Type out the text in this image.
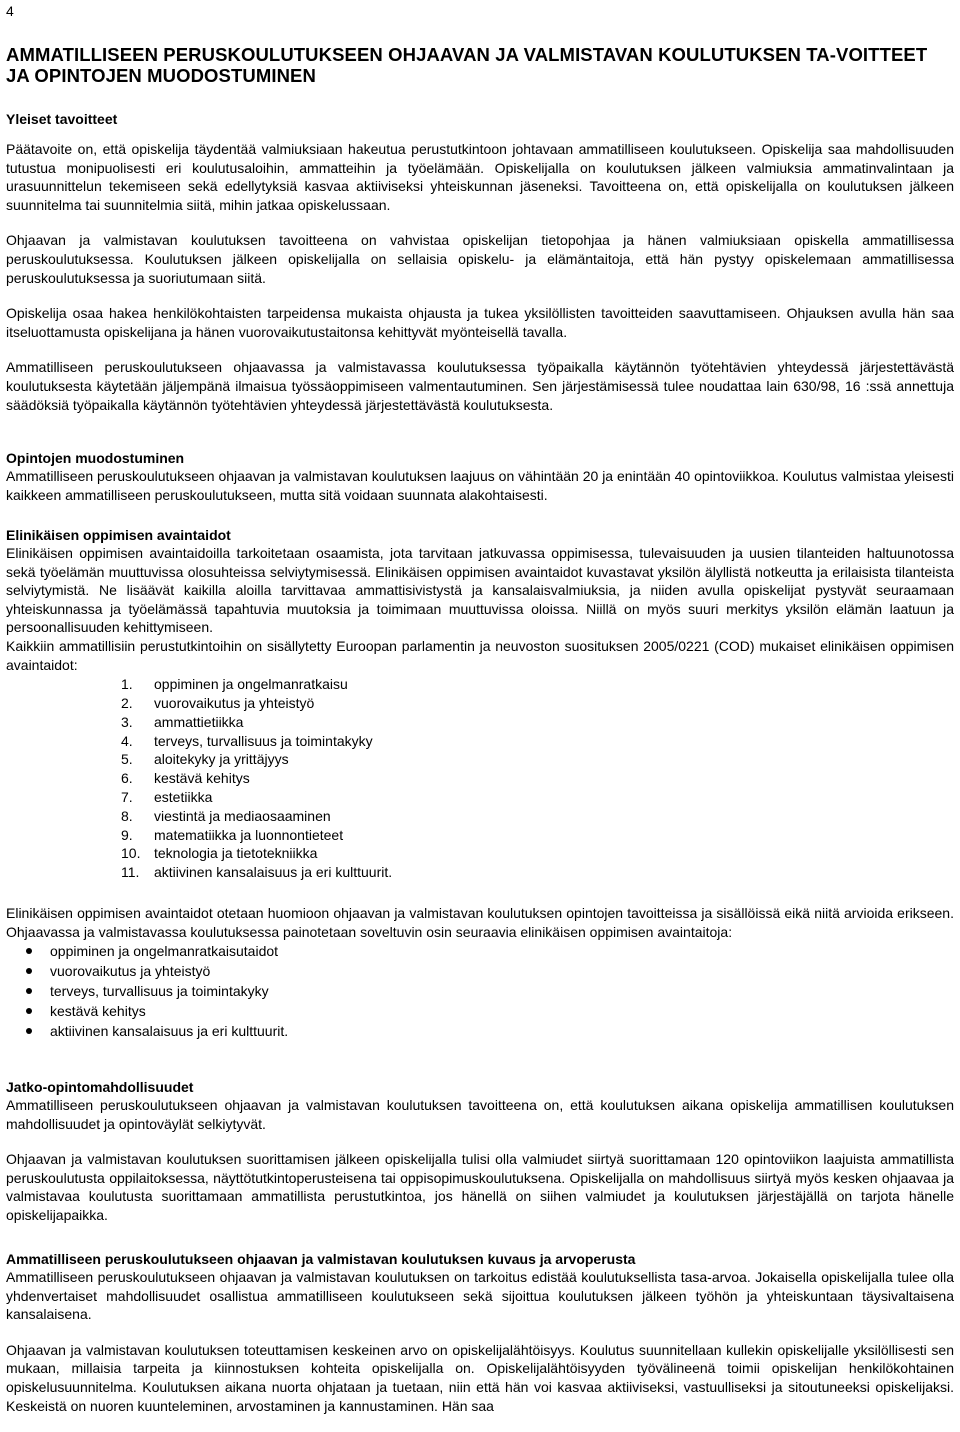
4
AMMATILLISEEN PERUSKOULUTUKSEEN OHJAAVAN JA VALMISTAVAN KOULUTUKSEN TA-VOITTEET JA OPINTOJEN MUODOSTUMINEN
Yleiset tavoitteet

Päätavoite on, että opiskelija täydentää valmiuksiaan hakeutua perustutkintoon johtavaan ammatilliseen koulutukseen. Opiskelija saa mahdollisuuden tutustua monipuolisesti eri koulutusaloihin, ammatteihin ja työelämään. Opiskelijalla on koulutuksen jälkeen valmiuksia ammatinvalintaan ja urasuunnittelun tekemiseen sekä edellytyksiä kasvaa aktiiviseksi yhteiskunnan jäseneksi. Tavoitteena on, että opiskelijalla on koulutuksen jälkeen suunnitelma tai suunnitelmia siitä, mihin jatkaa opiskelussaan.

Ohjaavan ja valmistavan koulutuksen tavoitteena on vahvistaa opiskelijan tietopohjaa ja hänen valmiuksiaan opiskella ammatillisessa peruskoulutuksessa. Koulutuksen jälkeen opiskelijalla on sellaisia opiskelu- ja elämäntaitoja, että hän pystyy opiskelemaan ammatillisessa peruskoulutuksessa ja suoriutumaan siitä.

Opiskelija osaa hakea henkilökohtaisten tarpeidensa mukaista ohjausta ja tukea yksilöllisten tavoitteiden saavuttamiseen. Ohjauksen avulla hän saa itseluottamusta opiskelijana ja hänen vuorovaikutustaitonsa kehittyvät myönteisellä tavalla.

Ammatilliseen peruskoulutukseen ohjaavassa ja valmistavassa koulutuksessa työpaikalla käytännön työtehtävien yhteydessä järjestettävästä koulutuksesta käytetään jäljempänä ilmaisua työssäoppimiseen valmentautuminen. Sen järjestämisessä tulee noudattaa lain 630/98, 16 :ssä annettuja säädöksiä työpaikalla käytännön työtehtävien yhteydessä järjestettävästä koulutuksesta.

Opintojen muodostuminen

Ammatilliseen peruskoulutukseen ohjaavan ja valmistavan koulutuksen laajuus on vähintään 20 ja enintään 40 opintoviikkoa. Koulutus valmistaa yleisesti kaikkeen ammatilliseen peruskoulutukseen, mutta sitä voidaan suunnata alakohtaisesti.

Elinikäisen oppimisen avaintaidot

Elinikäisen oppimisen avaintaidoilla tarkoitetaan osaamista, jota tarvitaan jatkuvassa oppimisessa, tulevaisuuden ja uusien tilanteiden haltuunotossa sekä työelämän muuttuvissa olosuhteissa selviytymisessä. Elinikäisen oppimisen avaintaidot kuvastavat yksilön älyllistä notkeutta ja erilaisista tilanteista selviytymistä. Ne lisäävät kaikilla aloilla tarvittavaa ammattisivistystä ja kansalaisvalmiuksia, ja niiden avulla opiskelijat pystyvät seuraamaan yhteiskunnassa ja työelämässä tapahtuvia muutoksia ja toimimaan muuttuvissa oloissa. Niillä on myös suuri merkitys yksilön elämän laatuun ja persoonallisuuden kehittymiseen.

Kaikkiin ammatillisiin perustutkintoihin on sisällytetty Euroopan parlamentin ja neuvoston suosituksen 2005/0221 (COD) mukaiset elinikäisen oppimisen avaintaidot:

1. oppiminen ja ongelmanratkaisu
2. vuorovaikutus ja yhteistyö
3. ammattietiikka
4. terveys, turvallisuus ja toimintakyky
5. aloitekyky ja yrittäjyys
6. kestävä kehitys
7. estetiikka
8. viestintä ja mediaosaaminen
9. matematiikka ja luonnontieteet
10. teknologia ja tietotekniikka
11. aktiivinen kansalaisuus ja eri kulttuurit.

Elinikäisen oppimisen avaintaidot otetaan huomioon ohjaavan ja valmistavan koulutuksen opintojen tavoitteissa ja sisällöissä eikä niitä arvioida erikseen. Ohjaavassa ja valmistavassa koulutuksessa painotetaan soveltuvin osin seuraavia elinikäisen oppimisen avaintaitoja:

oppiminen ja ongelmanratkaisutaidot
vuorovaikutus ja yhteistyö
terveys, turvallisuus ja toimintakyky
kestävä kehitys
aktiivinen kansalaisuus ja eri kulttuurit.
Jatko-opintomahdollisuudet

Ammatilliseen peruskoulutukseen ohjaavan ja valmistavan koulutuksen tavoitteena on, että koulutuksen aikana opiskelija ammatillisen koulutuksen mahdollisuudet ja opintoväylät selkiytyvät.

Ohjaavan ja valmistavan koulutuksen suorittamisen jälkeen opiskelijalla tulisi olla valmiudet siirtyä suorittamaan 120 opintoviikon laajuista ammatillista peruskoulutusta oppilaitoksessa, näyttötutkintoperusteisena tai oppisopimuskoulutuksena. Opiskelijalla on mahdollisuus siirtyä myös kesken ohjaavaa ja valmistavaa koulutusta suorittamaan ammatillista perustutkintoa, jos hänellä on siihen valmiudet ja koulutuksen järjestäjällä on tarjota hänelle opiskelijapaikka.

Ammatilliseen peruskoulutukseen ohjaavan ja valmistavan koulutuksen kuvaus ja arvoperusta

Ammatilliseen peruskoulutukseen ohjaavan ja valmistavan koulutuksen on tarkoitus edistää koulutuksellista tasa-arvoa. Jokaisella opiskelijalla tulee olla yhdenvertaiset mahdollisuudet osallistua ammatilliseen koulutukseen sekä sijoittua koulutuksen jälkeen työhön ja yhteiskuntaan täysivaltaisena kansalaisena.

Ohjaavan ja valmistavan koulutuksen toteuttamisen keskeinen arvo on opiskelijalähtöisyys. Koulutus suunnitellaan kullekin opiskelijalle yksilöllisesti sen mukaan, millaisia tarpeita ja kiinnostuksen kohteita opiskelijalla on. Opiskelijalähtöisyyden työvälineenä toimii opiskelijan henkilökohtainen opiskelusuunnitelma. Koulutuksen aikana nuorta ohjataan ja tuetaan, niin että hän voi kasvaa aktiiviseksi, vastuulliseksi ja sitoutuneeksi opiskelijaksi. Keskeistä on nuoren kuunteleminen, arvostaminen ja kannustaminen. Hän saa
